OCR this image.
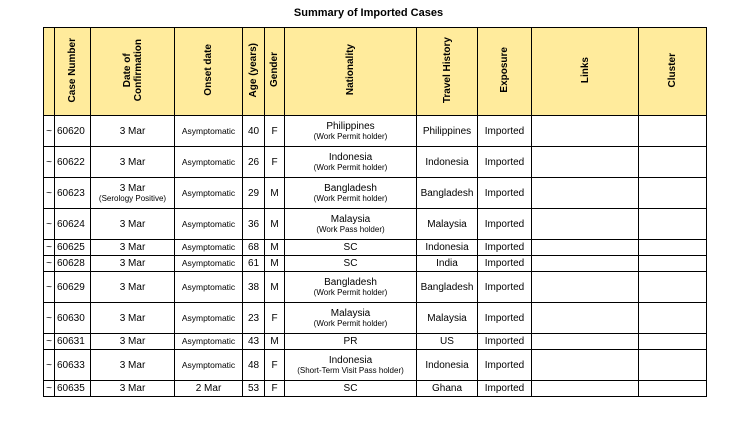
Summary of Imported Cases
	Case Number	Date of
Confirmation	Onset date	Age (years)	Gender	Nationality	Travel History	Exposure	Links	Cluster
~	60620	3 Mar	Asymptomatic	40	F	Philippines
(Work Permit holder)	Philippines	Imported		
~	60622	3 Mar	Asymptomatic	26	F	Indonesia
(Work Permit holder)	Indonesia	Imported		
~	60623	3 Mar
(Serology Positive)	Asymptomatic	29	M	Bangladesh
(Work Permit holder)	Bangladesh	Imported		
~	60624	3 Mar	Asymptomatic	36	M	Malaysia
(Work Pass holder)	Malaysia	Imported		
~	60625	3 Mar	Asymptomatic	68	M	SC	Indonesia	Imported		
~	60628	3 Mar	Asymptomatic	61	M	SC	India	Imported		
~	60629	3 Mar	Asymptomatic	38	M	Bangladesh
(Work Permit holder)	Bangladesh	Imported		
~	60630	3 Mar	Asymptomatic	23	F	Malaysia
(Work Permit holder)	Malaysia	Imported		
~	60631	3 Mar	Asymptomatic	43	M	PR	US	Imported		
~	60633	3 Mar	Asymptomatic	48	F	Indonesia
(Short-Term Visit Pass holder)	Indonesia	Imported		
~	60635	3 Mar	2 Mar	53	F	SC	Ghana	Imported		
